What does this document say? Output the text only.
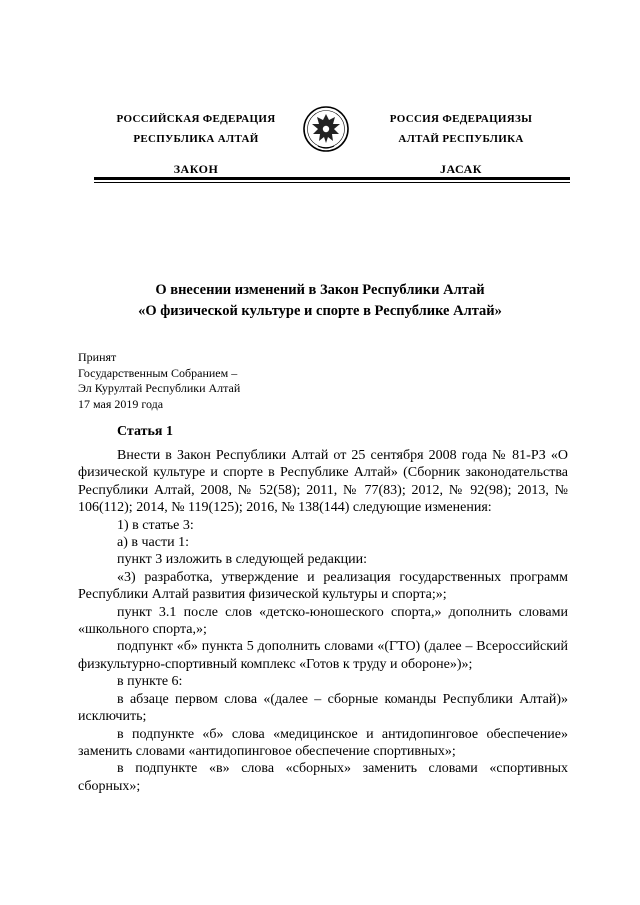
РОССИЙСКАЯ ФЕДЕРАЦИЯ
РЕСПУБЛИКА АЛТАЙ
ЗАКОН
РОССИЯ ФЕДЕРАЦИЯЗЫ
АЛТАЙ РЕСПУБЛИКА
JАСАК
О внесении изменений в Закон Республики Алтай
«О физической культуре и спорте в Республике Алтай»
Принят
Государственным Собранием –
Эл Курултай Республики Алтай
17 мая 2019 года
Статья 1

Внести в Закон Республики Алтай от 25 сентября 2008 года № 81-РЗ «О физической культуре и спорте в Республике Алтай» (Сборник законодательства Республики Алтай, 2008, № 52(58); 2011, № 77(83); 2012, № 92(98); 2013, № 106(112); 2014, № 119(125); 2016, № 138(144) следующие изменения:

1) в статье 3:

а) в части 1:

пункт 3 изложить в следующей редакции:

«3) разработка, утверждение и реализация государственных программ Республики Алтай развития физической культуры и спорта;»;

пункт 3.1 после слов «детско-юношеского спорта,» дополнить словами «школьного спорта,»;

подпункт «б» пункта 5 дополнить словами «(ГТО) (далее – Всероссийский физкультурно-спортивный комплекс «Готов к труду и обороне»)»;

в пункте 6:

в абзаце первом слова «(далее – сборные команды Республики Алтай)» исключить;

в подпункте «б» слова «медицинское и антидопинговое обеспечение» заменить словами «антидопинговое обеспечение спортивных»;

в подпункте «в» слова «сборных» заменить словами «спортивных сборных»;
